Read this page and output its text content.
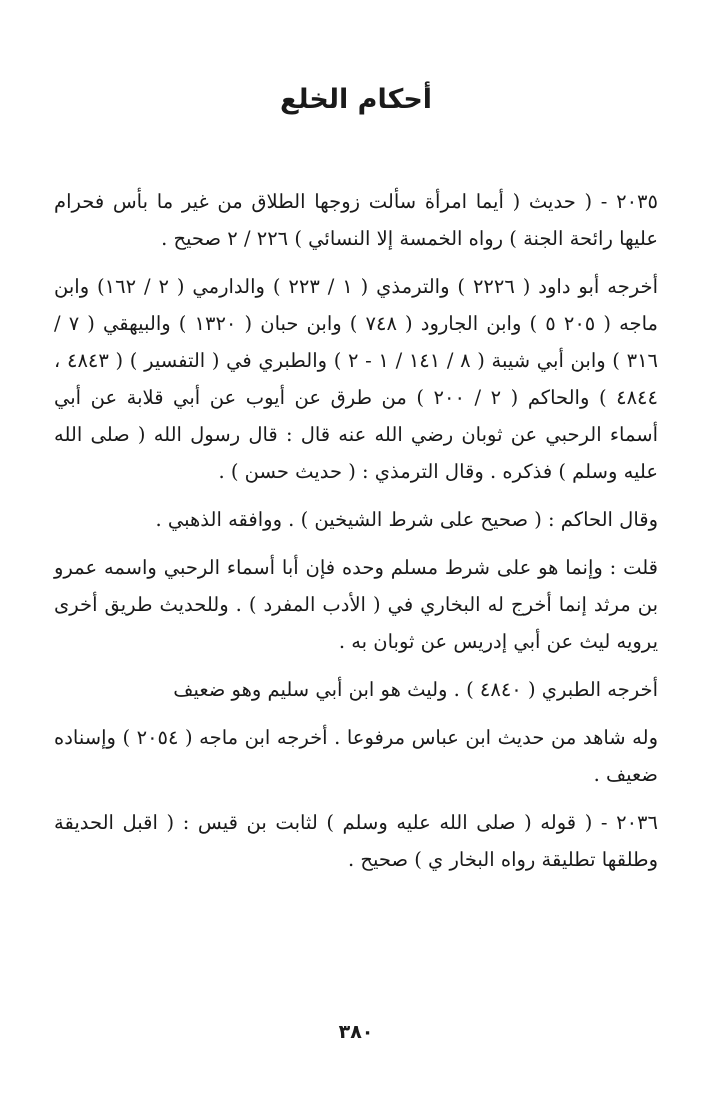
أحكام الخلع

٢٠٣٥ - ( حديث ( أيما امرأة سألت زوجها الطلاق من غير ما بأس فحرام عليها رائحة الجنة ) رواه الخمسة إلا النسائي ) ٢٢٦ / ٢ صحيح .

أخرجه أبو داود ( ٢٢٢٦ ) والترمذي ( ١ / ٢٢٣ ) والدارمي ( ٢ / ١٦٢) وابن ماجه ( ٢٠٥ ٥ ) وابن الجارود ( ٧٤٨ ) وابن حبان ( ١٣٢٠ ) والبيهقي ( ٧ / ٣١٦ ) وابن أبي شيبة ( ٨ / ١٤١ / ١ - ٢ ) والطبري في ( التفسير ) ( ٤٨٤٣ ، ٤٨٤٤ ) والحاكم ( ٢ / ٢٠٠ ) من طرق عن أيوب عن أبي قلابة عن أبي أسماء الرحبي عن ثوبان رضي الله عنه قال : قال رسول الله ( صلى الله عليه وسلم ) فذكره . وقال الترمذي : ( حديث حسن ) .

وقال الحاكم : ( صحيح على شرط الشيخين ) . ووافقه الذهبي .

قلت : وإنما هو على شرط مسلم وحده فإن أبا أسماء الرحبي واسمه عمرو بن مرثد إنما أخرج له البخاري في ( الأدب المفرد ) . وللحديث طريق أخرى يرويه ليث عن أبي إدريس عن ثوبان به .

أخرجه الطبري ( ٤٨٤٠ ) . وليث هو ابن أبي سليم وهو ضعيف

وله شاهد من حديث ابن عباس مرفوعا . أخرجه ابن ماجه ( ٢٠٥٤ ) وإسناده ضعيف .

٢٠٣٦ - ( قوله ( صلى الله عليه وسلم ) لثابت بن قيس : ( اقبل الحديقة وطلقها تطليقة رواه البخار ي ) صحيح .

٣٨٠
